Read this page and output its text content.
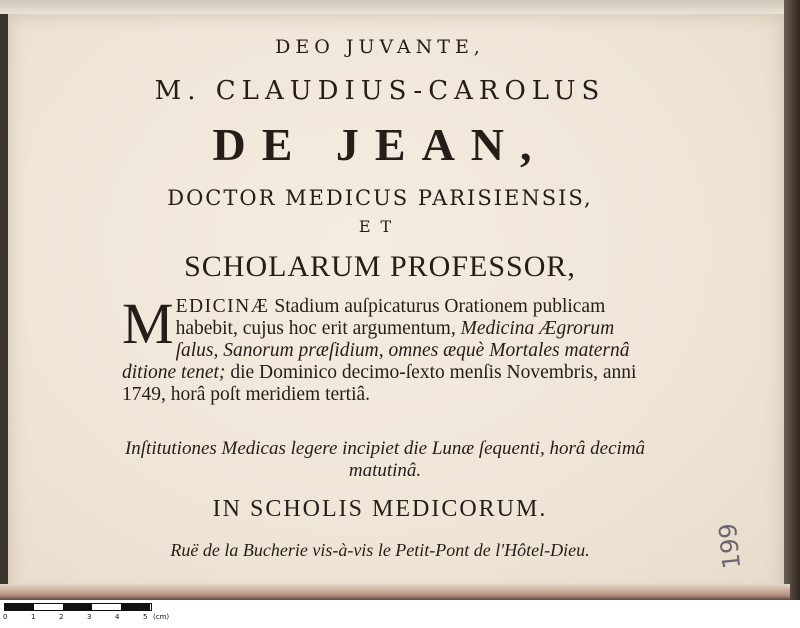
DEO JUVANTE,
M. CLAUDIUS-CAROLUS
DE JEAN,
DOCTOR MEDICUS PARISIENSIS,
ET
SCHOLARUM PROFESSOR,
MEDICINÆ Stadium auſpicaturus Orationem publicam habebit, cujus hoc erit argumentum, Medicina Ægrorum ſalus, Sanorum præſidium, omnes æquè Mortales maternâ ditione tenet; die Dominico decimo-ſexto menſis Novembris, anni 1749, horâ poſt meridiem tertiâ.
Inſtitutiones Medicas legere incipiet die Lunæ ſequenti, horâ decimâ matutinâ.
IN SCHOLIS MEDICORUM.
Ruë de la Bucherie vis-à-vis le Petit-Pont de l'Hôtel-Dieu.	199
0	1	2	3	4	5 (cm)
